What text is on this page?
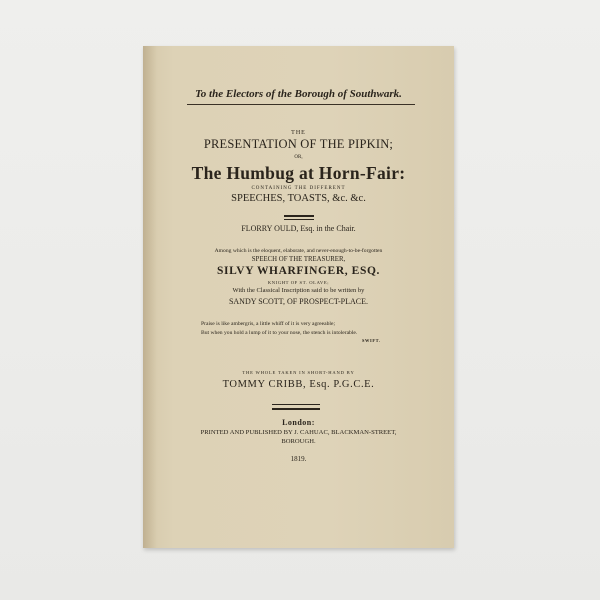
To the Electors of the Borough of Southwark.
THE
PRESENTATION OF THE PIPKIN;
OR,
The Humbug at Horn-Fair:
CONTAINING THE DIFFERENT
SPEECHES, TOASTS, &c. &c.
FLORRY OULD, Esq. in the Chair.
Among which is the eloquent, elaborate, and never-enough-to-be-forgotten
SPEECH OF THE TREASURER,
SILVY WHARFINGER, ESQ.
KNIGHT OF ST. OLAVE;
With the Classical Inscription said to be written by
SANDY SCOTT, OF PROSPECT-PLACE.
Praise is like ambergris, a little whiff of it is very agreeable;
But when you hold a lump of it to your nose, the stench is intolerable.
SWIFT.
THE WHOLE TAKEN IN SHORT-HAND BY
TOMMY CRIBB, Esq. P.G.C.E.
London:
PRINTED AND PUBLISHED BY J. CAHUAC, BLACKMAN-STREET,
BOROUGH.
1819.
